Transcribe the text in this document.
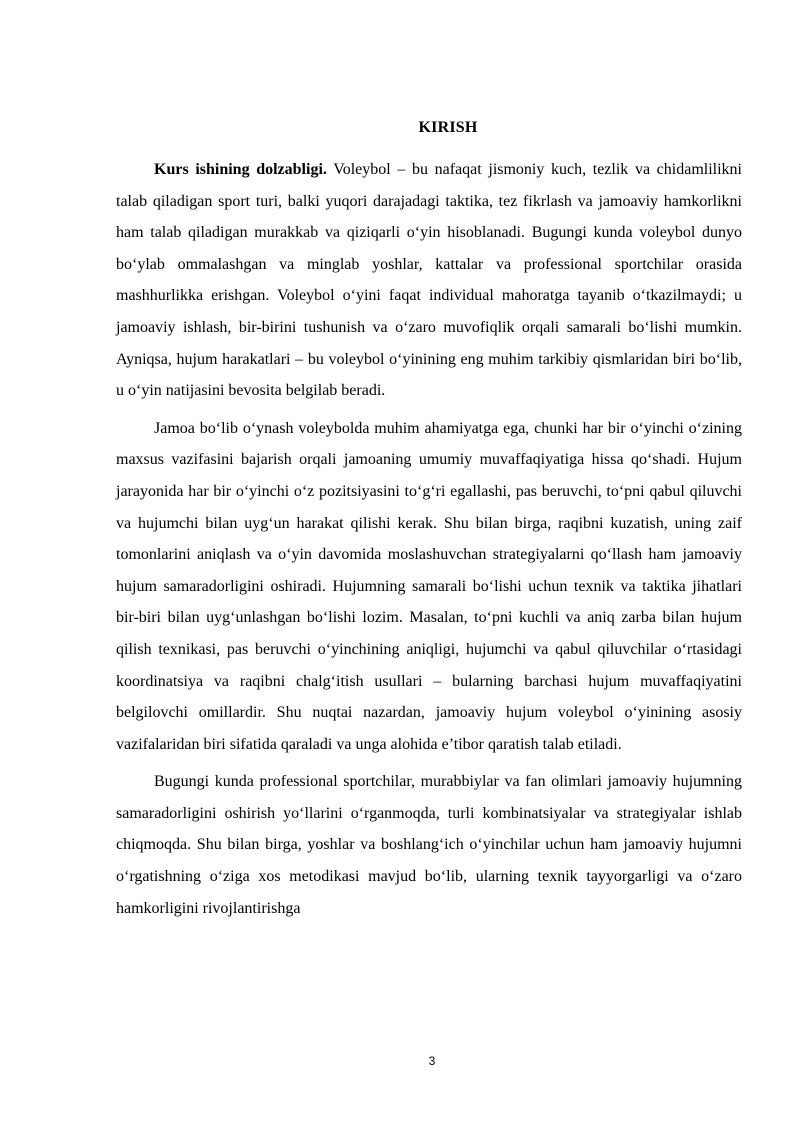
KIRISH

Kurs ishining dolzabligi. Voleybol – bu nafaqat jismoniy kuch, tezlik va chidamlilikni talab qiladigan sport turi, balki yuqori darajadagi taktika, tez fikrlash va jamoaviy hamkorlikni ham talab qiladigan murakkab va qiziqarli o‘yin hisoblanadi. Bugungi kunda voleybol dunyo bo‘ylab ommalashgan va minglab yoshlar, kattalar va professional sportchilar orasida mashhurlikka erishgan. Voleybol o‘yini faqat individual mahoratga tayanib o‘tkazilmaydi; u jamoaviy ishlash, bir-birini tushunish va o‘zaro muvofiqlik orqali samarali bo‘lishi mumkin. Ayniqsa, hujum harakatlari – bu voleybol o‘yinining eng muhim tarkibiy qismlaridan biri bo‘lib, u o‘yin natijasini bevosita belgilab beradi.

Jamoa bo‘lib o‘ynash voleybolda muhim ahamiyatga ega, chunki har bir o‘yinchi o‘zining maxsus vazifasini bajarish orqali jamoaning umumiy muvaffaqiyatiga hissa qo‘shadi. Hujum jarayonida har bir o‘yinchi o‘z pozitsiyasini to‘g‘ri egallashi, pas beruvchi, to‘pni qabul qiluvchi va hujumchi bilan uyg‘un harakat qilishi kerak. Shu bilan birga, raqibni kuzatish, uning zaif tomonlarini aniqlash va o‘yin davomida moslashuvchan strategiyalarni qo‘llash ham jamoaviy hujum samaradorligini oshiradi. Hujumning samarali bo‘lishi uchun texnik va taktika jihatlari bir-biri bilan uyg‘unlashgan bo‘lishi lozim. Masalan, to‘pni kuchli va aniq zarba bilan hujum qilish texnikasi, pas beruvchi o‘yinchining aniqligi, hujumchi va qabul qiluvchilar o‘rtasidagi koordinatsiya va raqibni chalg‘itish usullari – bularning barchasi hujum muvaffaqiyatini belgilovchi omillardir. Shu nuqtai nazardan, jamoaviy hujum voleybol o‘yinining asosiy vazifalaridan biri sifatida qaraladi va unga alohida e’tibor qaratish talab etiladi.

Bugungi kunda professional sportchilar, murabbiylar va fan olimlari jamoaviy hujumning samaradorligini oshirish yo‘llarini o‘rganmoqda, turli kombinatsiyalar va strategiyalar ishlab chiqmoqda. Shu bilan birga, yoshlar va boshlang‘ich o‘yinchilar uchun ham jamoaviy hujumni o‘rgatishning o‘ziga xos metodikasi mavjud bo‘lib, ularning texnik tayyorgarligi va o‘zaro hamkorligini rivojlantirishga

3
